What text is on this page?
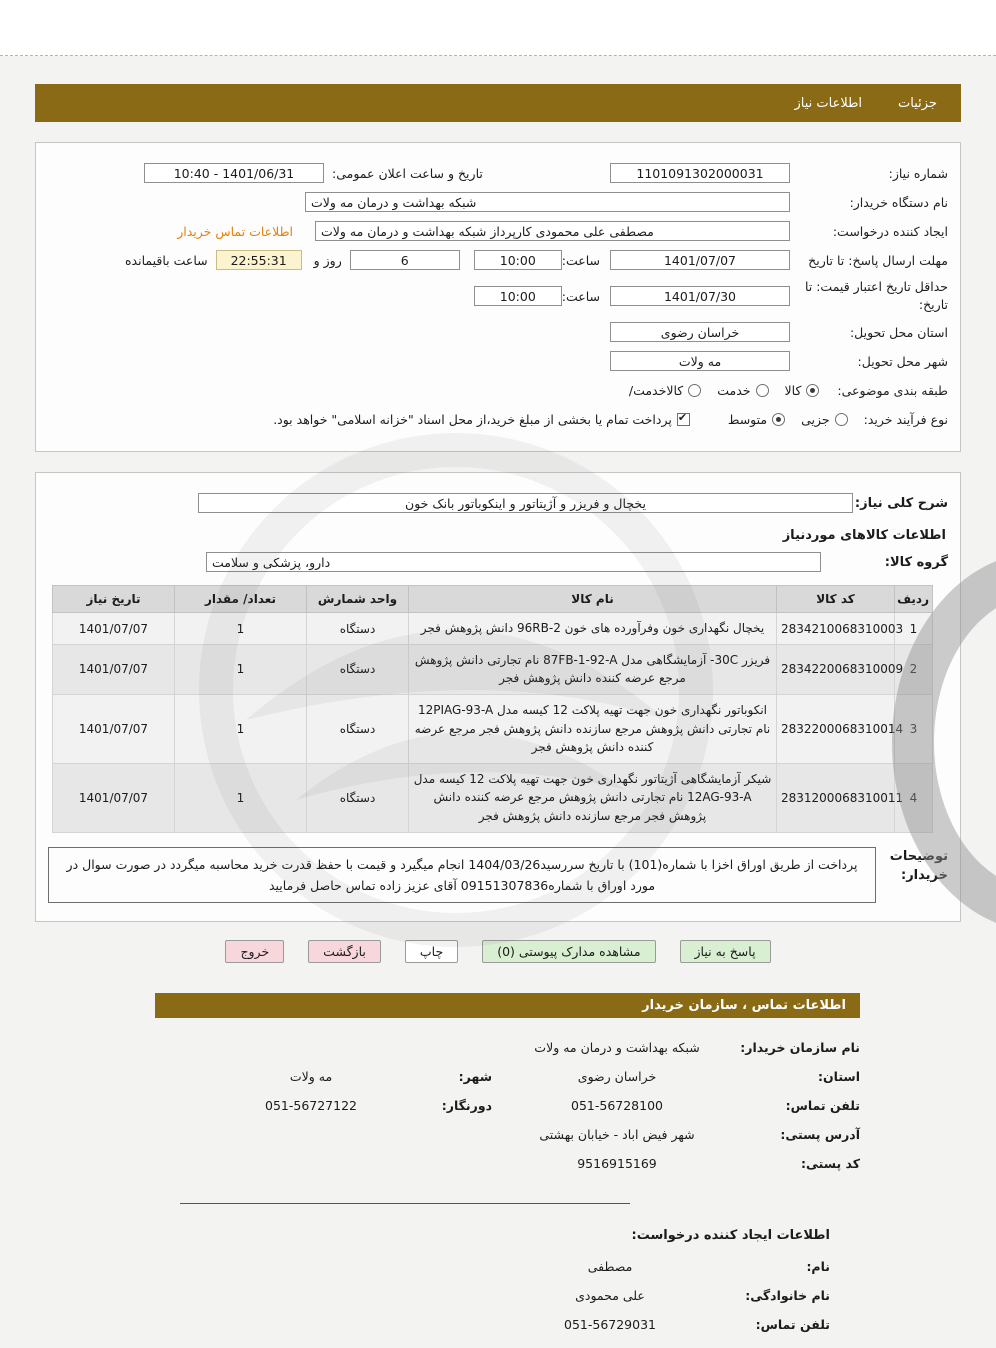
جزئیات
اطلاعات نیاز
شماره نیاز:
1101091302000031
تاریخ و ساعت اعلان عمومی:
10:40 - 1401/06/31
نام دستگاه خریدار:
شبکه بهداشت و درمان مه ولات
ایجاد کننده درخواست:
مصطفی علی محمودی کارپرداز شبکه بهداشت و درمان مه ولات
اطلاعات تماس خریدار
مهلت ارسال پاسخ: تا تاریخ
1401/07/07
ساعت:
10:00
6
روز و
22:55:31
ساعت باقیمانده
حداقل تاریخ اعتبار قیمت: تا
تاریخ:
1401/07/30
ساعت:
10:00
استان محل تحویل:
خراسان رضوی
شهر محل تحویل:
مه ولات
طبقه بندی موضوعی:
کالا
خدمت
کالاخدمت/
نوع فرآیند خرید:
جزیی
متوسط
✔
پرداخت تمام یا بخشی از مبلغ خرید،از محل اسناد "خزانه اسلامی" خواهد بود.
شرح کلی نیاز:
یخچال و فریزر و آژیتاتور و اینکوباتور بانک خون
اطلاعات کالاهای موردنیاز
گروه کالا:
دارو، پزشکی و سلامت
ردیف	کد کالا	نام کالا	واحد شمارش	تعداد/ مقدار	تاریخ نیاز
1	2834210068310003	یخچال نگهداری خون وفرآورده های خون 96RB-2 دانش پژوهش فجر	دستگاه	1	1401/07/07
2	2834220068310009	فریزر 30C- آزمایشگاهی مدل 87FB-1-92-A نام تجارتی دانش پژوهش مرجع عرضه کننده دانش پژوهش فجر	دستگاه	1	1401/07/07
3	2832200068310014	انکوباتور نگهداری خون جهت تهیه پلاکت 12 کیسه مدل 12PIAG-93-A نام تجارتی دانش پژوهش مرجع سازنده دانش پژوهش فجر مرجع عرضه کننده دانش پژوهش فجر	دستگاه	1	1401/07/07
4	2831200068310011	شیکر آزمایشگاهی آژیتاتور نگهداری خون جهت تهیه پلاکت 12 کیسه مدل 12AG-93-A نام تجارتی دانش پژوهش مرجع عرضه کننده دانش پژوهش فجر مرجع سازنده دانش پژوهش فجر	دستگاه	1	1401/07/07
توضیحات
خریدار:
پرداخت از طریق اوراق اخزا با شماره(101) با تاریخ سررسید1404/03/26 انجام میگیرد و قیمت با حفظ قدرت خرید محاسبه میگردد در صورت سوال در مورد اوراق با شماره09151307836 آقای عزیز زاده تماس حاصل فرمایید
پاسخ به نیاز
مشاهده مدارک پیوستی (0)
چاپ
بازگشت
خروج
اطلاعات تماس ، سازمان خریدار
نام سازمان خریدار:
شبکه بهداشت و درمان مه ولات
استان:
خراسان رضوی
شهر:
مه ولات
تلفن تماس:
051-56728100
دورنگار:
051-56727122
آدرس پستی:
شهر فیض اباد - خیابان بهشتی
کد پستی:
9516915169
اطلاعات ایجاد کننده درخواست:
نام:
مصطفی
نام خانوادگی:
علی محمودی
تلفن تماس:
051-56729031
